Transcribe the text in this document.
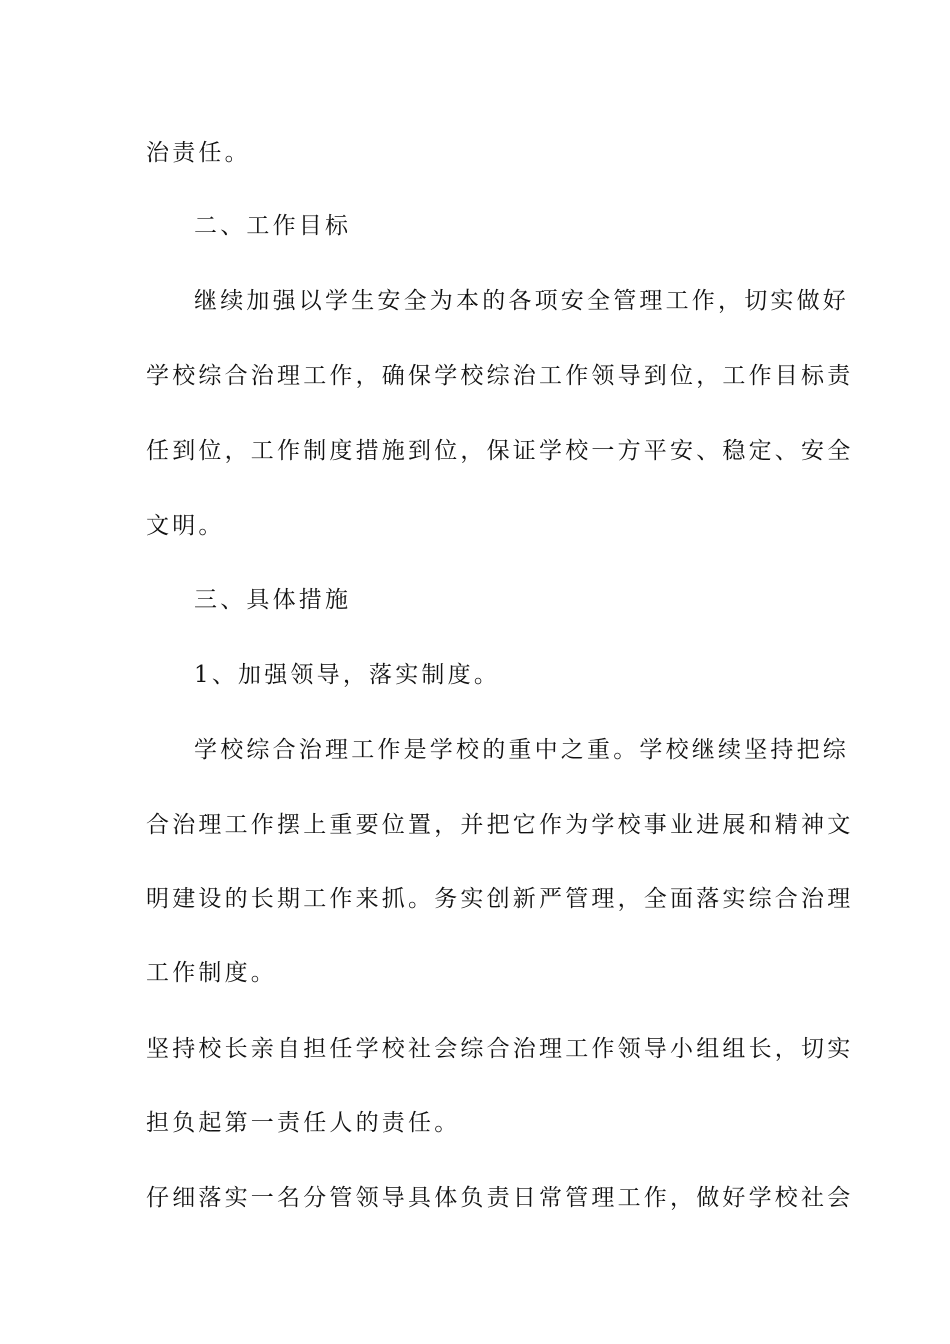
治责任。
二、工作目标
继续加强以学生安全为本的各项安全管理工作，切实做好
学校综合治理工作，确保学校综治工作领导到位，工作目标责
任到位，工作制度措施到位，保证学校一方平安、稳定、安全
文明。
三、具体措施
1、加强领导，落实制度。
学校综合治理工作是学校的重中之重。学校继续坚持把综
合治理工作摆上重要位置，并把它作为学校事业进展和精神文
明建设的长期工作来抓。务实创新严管理，全面落实综合治理
工作制度。
坚持校长亲自担任学校社会综合治理工作领导小组组长，切实
担负起第一责任人的责任。
仔细落实一名分管领导具体负责日常管理工作，做好学校社会
